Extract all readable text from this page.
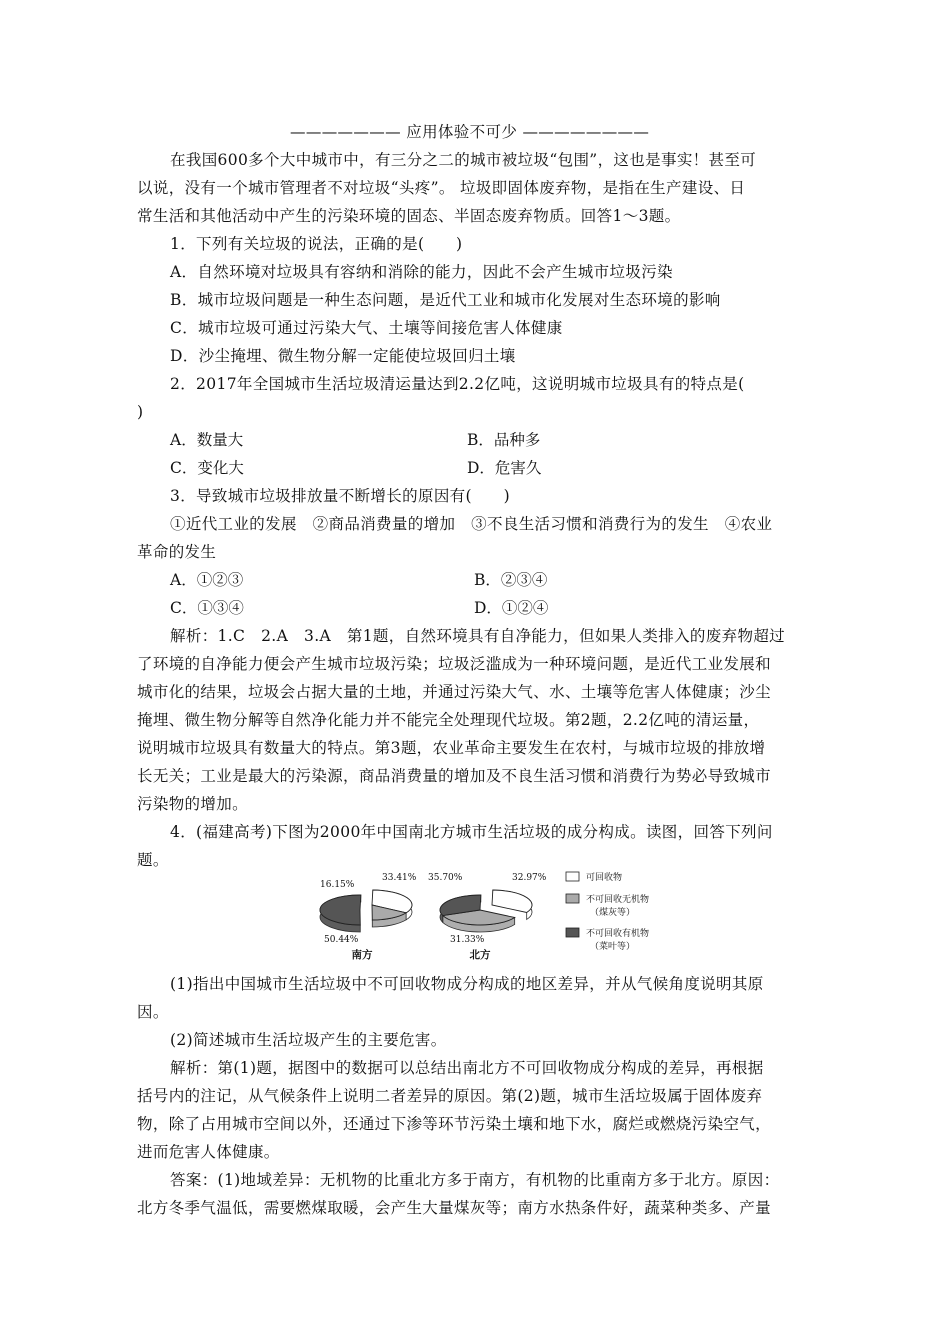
——————— 应用体验不可少 ————————
在我国600多个大中城市中，有三分之二的城市被垃圾“包围”，这也是事实！甚至可
以说，没有一个城市管理者不对垃圾“头疼”。 垃圾即固体废弃物，是指在生产建设、日
常生活和其他活动中产生的污染环境的固态、半固态废弃物质。回答1～3题。
1．下列有关垃圾的说法，正确的是(　　)
A．自然环境对垃圾具有容纳和消除的能力，因此不会产生城市垃圾污染
B．城市垃圾问题是一种生态问题，是近代工业和城市化发展对生态环境的影响
C．城市垃圾可通过污染大气、土壤等间接危害人体健康
D．沙尘掩埋、微生物分解一定能使垃圾回归土壤
2．2017年全国城市生活垃圾清运量达到2.2亿吨，这说明城市垃圾具有的特点是(
)
A．数量大	B．品种多
C．变化大	D．危害久
3．导致城市垃圾排放量不断增长的原因有(　　)
①近代工业的发展　②商品消费量的增加　③不良生活习惯和消费行为的发生　④农业
革命的发生
A．①②③	B．②③④
C．①③④	D．①②④
解析：1.C　2.A　3.A　第1题，自然环境具有自净能力，但如果人类排入的废弃物超过
了环境的自净能力便会产生城市垃圾污染；垃圾泛滥成为一种环境问题，是近代工业发展和
城市化的结果，垃圾会占据大量的土地，并通过污染大气、水、土壤等危害人体健康；沙尘
掩埋、微生物分解等自然净化能力并不能完全处理现代垃圾。第2题，2.2亿吨的清运量，
说明城市垃圾具有数量大的特点。第3题，农业革命主要发生在农村，与城市垃圾的排放增
长无关；工业是最大的污染源，商品消费量的增加及不良生活习惯和消费行为势必导致城市
污染物的增加。
4．(福建高考)下图为2000年中国南北方城市生活垃圾的成分构成。读图，回答下列问
题。
33.41%
16.15%
50.44%
南方
32.97%
35.70%
31.33%
北方
可回收物
不可回收无机物
（煤灰等）
不可回收有机物
（菜叶等）
(1)指出中国城市生活垃圾中不可回收物成分构成的地区差异，并从气候角度说明其原
因。
(2)简述城市生活垃圾产生的主要危害。
解析：第(1)题，据图中的数据可以总结出南北方不可回收物成分构成的差异，再根据
括号内的注记，从气候条件上说明二者差异的原因。第(2)题，城市生活垃圾属于固体废弃
物，除了占用城市空间以外，还通过下渗等环节污染土壤和地下水，腐烂或燃烧污染空气，
进而危害人体健康。
答案：(1)地域差异：无机物的比重北方多于南方，有机物的比重南方多于北方。原因：
北方冬季气温低，需要燃煤取暖，会产生大量煤灰等；南方水热条件好，蔬菜种类多、产量
